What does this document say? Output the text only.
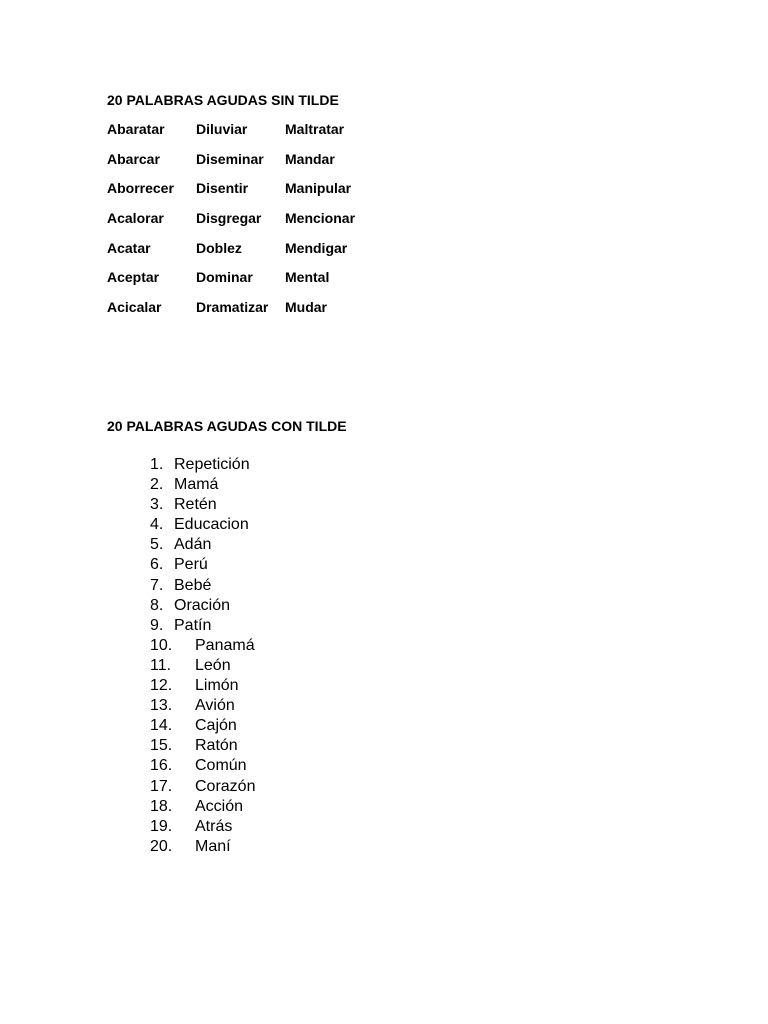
20 PALABRAS AGUDAS SIN TILDE
Abaratar	Diluviar	Maltratar
Abarcar	Diseminar	Mandar
Aborrecer	Disentir	Manipular
Acalorar	Disgregar	Mencionar
Acatar	Doblez	Mendigar
Aceptar	Dominar	Mental
Acicalar	Dramatizar	Mudar
20 PALABRAS AGUDAS CON TILDE
1. Repetición
2. Mamá
3. Retén
4. Educacion
5. Adán
6. Perú
7. Bebé
8. Oración
9. Patín
10. Panamá
11. León
12. Limón
13. Avión
14. Cajón
15. Ratón
16. Común
17. Corazón
18. Acción
19. Atrás
20. Maní
